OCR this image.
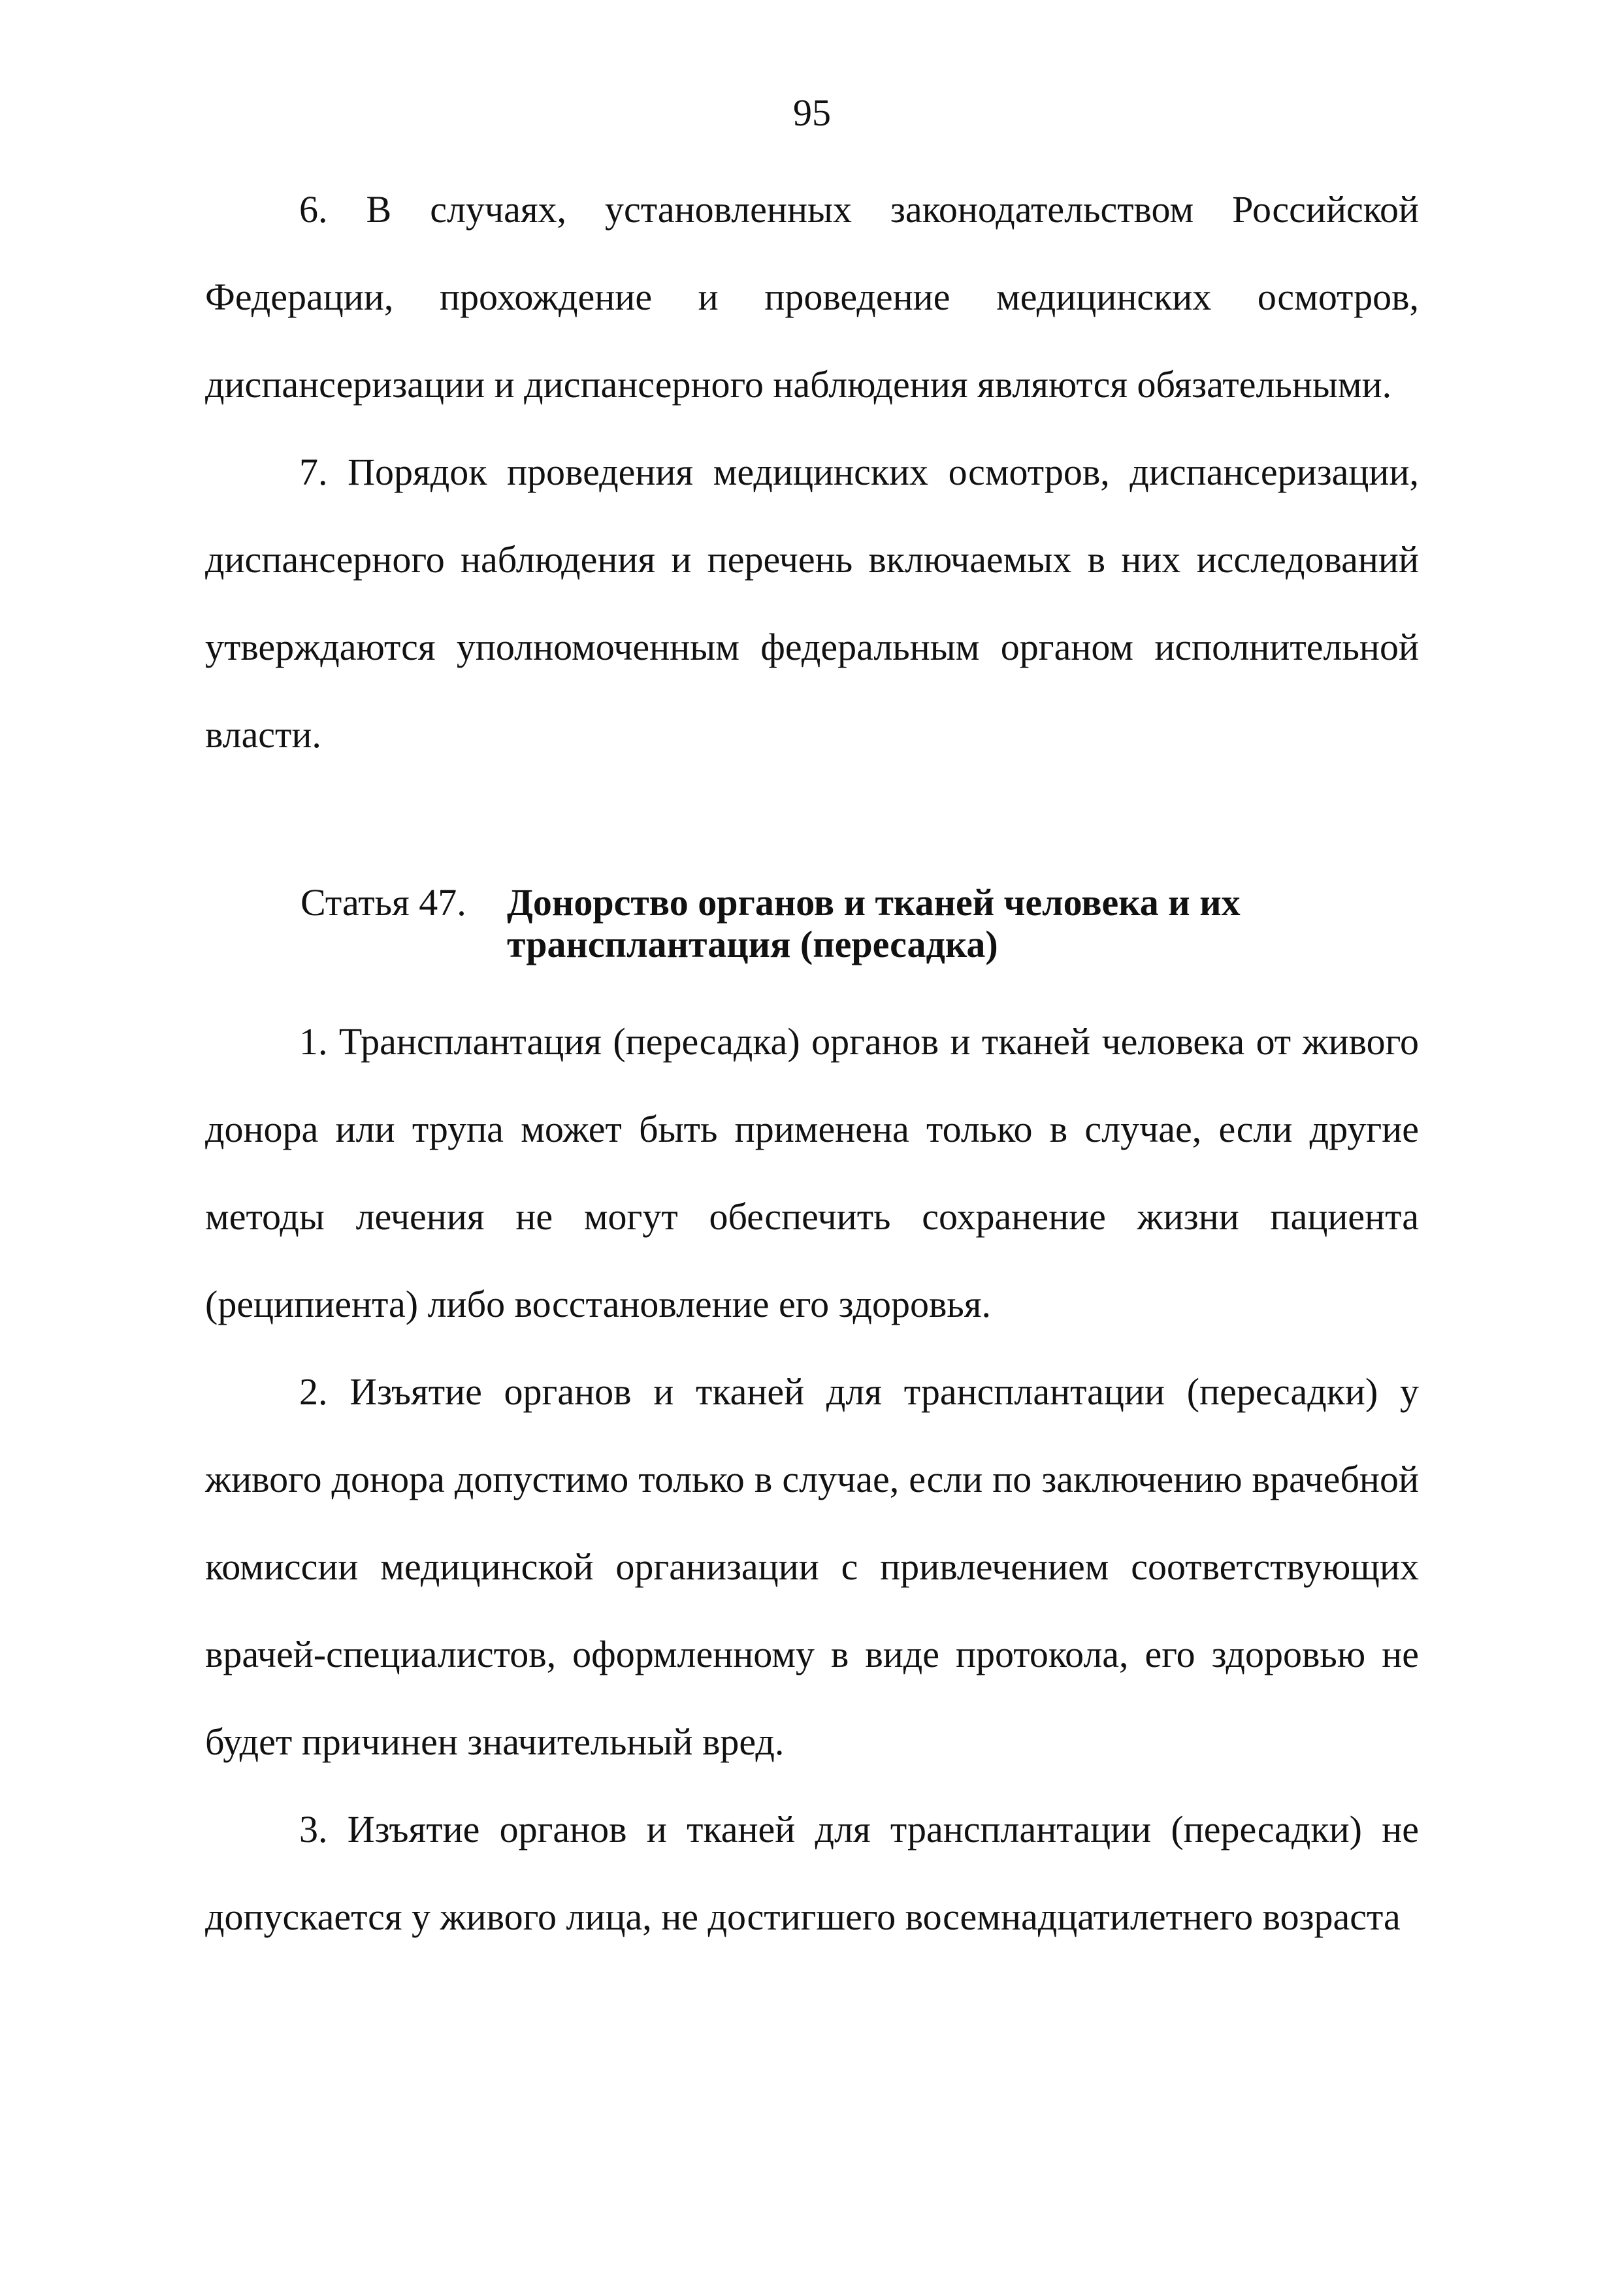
95

6. В случаях, установленных законодательством Российской Федерации, прохождение и проведение медицинских осмотров, диспансеризации и диспансерного наблюдения являются обязательными.

7. Порядок проведения медицинских осмотров, диспансеризации, диспансерного наблюдения и перечень включаемых в них исследований утверждаются уполномоченным федеральным органом исполнительной власти.

Статья 47. Донорство органов и тканей человека и их трансплантация (пересадка)

1. Трансплантация (пересадка) органов и тканей человека от живого донора или трупа может быть применена только в случае, если другие методы лечения не могут обеспечить сохранение жизни пациента (реципиента) либо восстановление его здоровья.

2. Изъятие органов и тканей для трансплантации (пересадки) у живого донора допустимо только в случае, если по заключению врачебной комиссии медицинской организации с привлечением соответствующих врачей-специалистов, оформленному в виде протокола, его здоровью не будет причинен значительный вред.

3. Изъятие органов и тканей для трансплантации (пересадки) не допускается у живого лица, не достигшего восемнадцатилетнего возраста
